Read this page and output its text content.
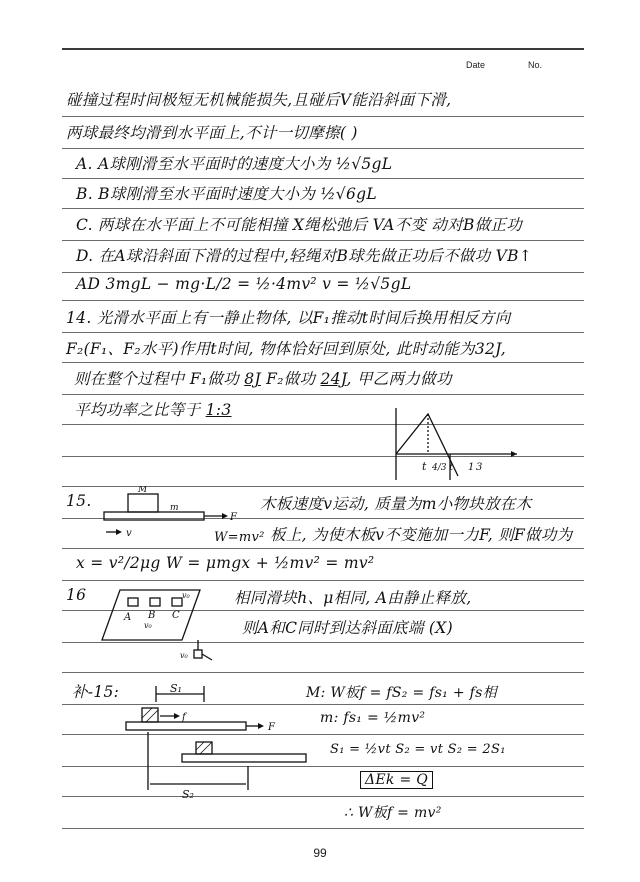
Date	No.
碰撞过程时间极短无机械能损失,且碰后V能沿斜面下滑,
两球最终均滑到水平面上,不计一切摩擦( )
A. A球刚滑至水平面时的速度大小为 ½√5gL
B. B球刚滑至水平面时速度大小为 ½√6gL
C. 两球在水平面上不可能相撞 X绳松弛后 VA不变 动对B做正功
D. 在A球沿斜面下滑的过程中,轻绳对B球先做正功后不做功 VB↑
AD 3mgL − mg·L/2 = ½·4mv² v = ½√5gL
14. 光滑水平面上有一静止物体, 以F₁推动t时间后换用相反方向
F₂(F₁、F₂水平)作用t时间, 物体恰好回到原处, 此时动能为32J,
则在整个过程中 F₁做功 8J F₂做功 24J, 甲乙两力做功
平均功率之比等于 1:3
15.	木板速度v运动, 质量为m小物块放在木
板上, 为使木板v不变施加一力F, 则F做功为
W=mv²
x = v²/2μg W = μmgx + ½mv² = mv²
16	相同滑块h、μ相同, A由静止释放,
则A和C同时到达斜面底端 (X)
补-15:	M: W板f = fS₂ = fs₁ + fs相
m: fs₁ = ½mv²
S₁ = ½vt S₂ = vt S₂ = 2S₁
ΔEk = Q
∴ W板f = mv²
t 4/3 t 1 3
M
m
F
v
A B C
v₀
v₀
v₀
S₁
f
F
S₂
99
